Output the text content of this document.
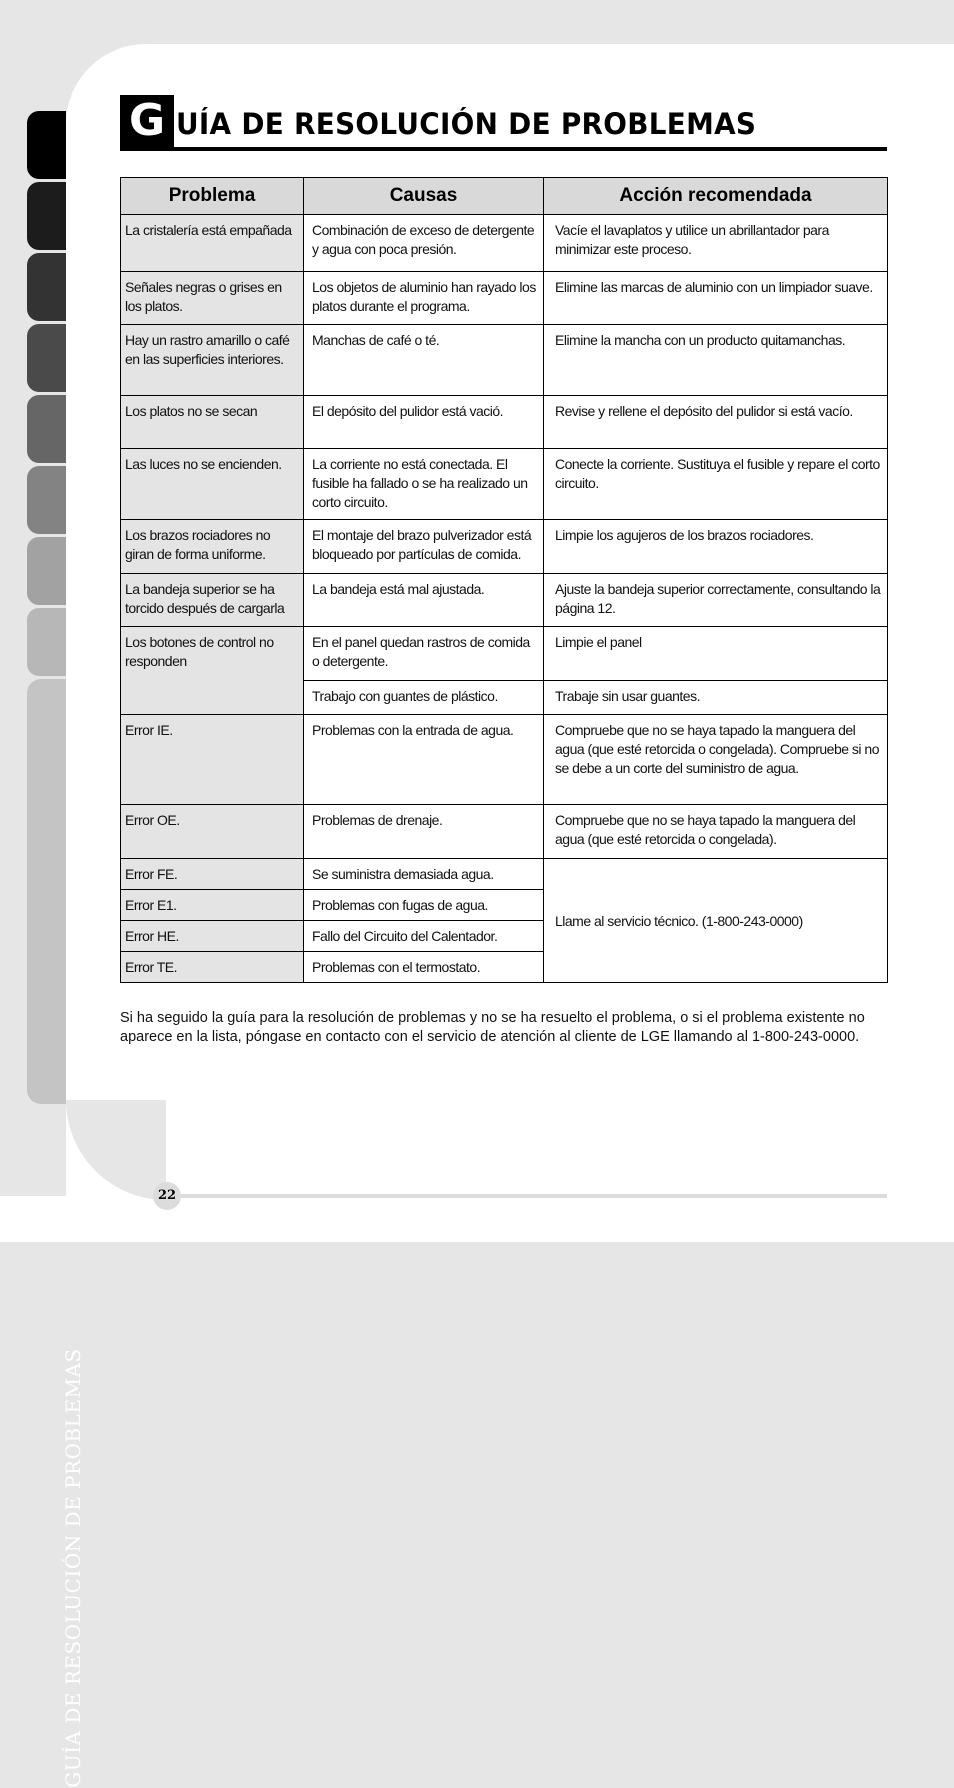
GUÍA DE RESOLUCIÓN DE PROBLEMAS
G UÍA DE RESOLUCIÓN DE PROBLEMAS
Problema	Causas	Acción recomendada
La cristalería está empañada	Combinación de exceso de detergente y agua con poca presión.	Vacíe el lavaplatos y utilice un abrillantador para minimizar este proceso.
Señales negras o grises en los platos.	Los objetos de aluminio han rayado los platos durante el programa.	Elimine las marcas de aluminio con un limpiador suave.
Hay un rastro amarillo o café en las superficies interiores.	Manchas de café o té.	Elimine la mancha con un producto quitamanchas.
Los platos no se secan	El depósito del pulidor está vació.	Revise y rellene el depósito del pulidor si está vacío.
Las luces no se encienden.	La corriente no está conectada. El fusible ha fallado o se ha realizado un corto circuito.	Conecte la corriente. Sustituya el fusible y repare el corto circuito.
Los brazos rociadores no giran de forma uniforme.	El montaje del brazo pulverizador está bloqueado por partículas de comida.	Limpie los agujeros de los brazos rociadores.
La bandeja superior se ha torcido después de cargarla	La bandeja está mal ajustada.	Ajuste la bandeja superior correctamente, consultando la página 12.
Los botones de control no responden	En el panel quedan rastros de comida o detergente.	Limpie el panel
	Trabajo con guantes de plástico.	Trabaje sin usar guantes.
Error IE.	Problemas con la entrada de agua.	Compruebe que no se haya tapado la manguera del agua (que esté retorcida o congelada). Compruebe si no se debe a un corte del suministro de agua.
Error OE.	Problemas de drenaje.	Compruebe que no se haya tapado la manguera del agua (que esté retorcida o congelada).
Error FE.	Se suministra demasiada agua.	Llame al servicio técnico. (1-800-243-0000)
Error E1.	Problemas con fugas de agua.	
Error HE.	Fallo del Circuito del Calentador.	
Error TE.	Problemas con el termostato.	

Si ha seguido la guía para la resolución de problemas y no se ha resuelto el problema, o si el problema existente no aparece en la lista, póngase en contacto con el servicio de atención al cliente de LGE llamando al 1-800-243-0000.

22
